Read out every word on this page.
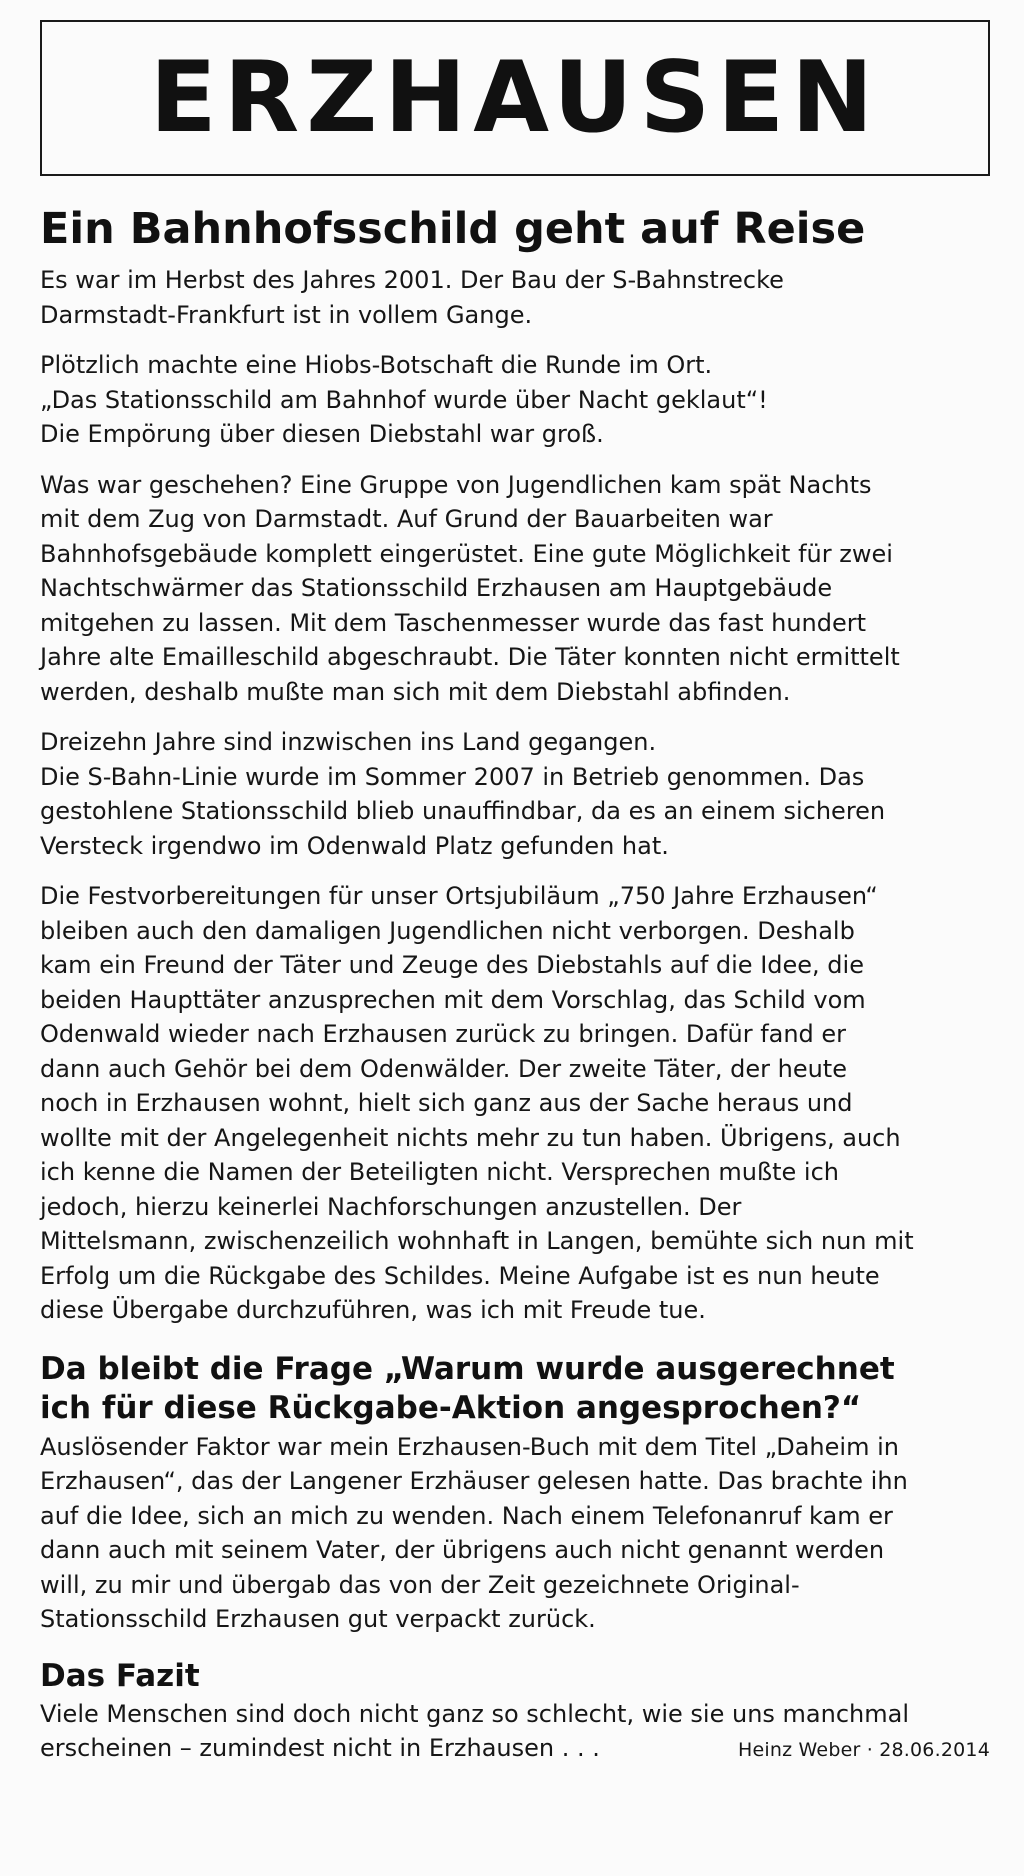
ERZHAUSEN
Ein Bahnhofsschild geht auf Reise

Es war im Herbst des Jahres 2001. Der Bau der S-Bahnstrecke
Darmstadt-Frankfurt ist in vollem Gange.

Plötzlich machte eine Hiobs-Botschaft die Runde im Ort.
„Das Stationsschild am Bahnhof wurde über Nacht geklaut“!
Die Empörung über diesen Diebstahl war groß.

Was war geschehen? Eine Gruppe von Jugendlichen kam spät Nachts
mit dem Zug von Darmstadt. Auf Grund der Bauarbeiten war
Bahnhofsgebäude komplett eingerüstet. Eine gute Möglichkeit für zwei
Nachtschwärmer das Stationsschild Erzhausen am Hauptgebäude
mitgehen zu lassen. Mit dem Taschenmesser wurde das fast hundert
Jahre alte Emailleschild abgeschraubt. Die Täter konnten nicht ermittelt
werden, deshalb mußte man sich mit dem Diebstahl abfinden.

Dreizehn Jahre sind inzwischen ins Land gegangen.
Die S-Bahn-Linie wurde im Sommer 2007 in Betrieb genommen. Das
gestohlene Stationsschild blieb unauffindbar, da es an einem sicheren
Versteck irgendwo im Odenwald Platz gefunden hat.

Die Festvorbereitungen für unser Ortsjubiläum „750 Jahre Erzhausen“
bleiben auch den damaligen Jugendlichen nicht verborgen. Deshalb
kam ein Freund der Täter und Zeuge des Diebstahls auf die Idee, die
beiden Haupttäter anzusprechen mit dem Vorschlag, das Schild vom
Odenwald wieder nach Erzhausen zurück zu bringen. Dafür fand er
dann auch Gehör bei dem Odenwälder. Der zweite Täter, der heute
noch in Erzhausen wohnt, hielt sich ganz aus der Sache heraus und
wollte mit der Angelegenheit nichts mehr zu tun haben. Übrigens, auch
ich kenne die Namen der Beteiligten nicht. Versprechen mußte ich
jedoch, hierzu keinerlei Nachforschungen anzustellen. Der
Mittelsmann, zwischenzeilich wohnhaft in Langen, bemühte sich nun mit
Erfolg um die Rückgabe des Schildes. Meine Aufgabe ist es nun heute
diese Übergabe durchzuführen, was ich mit Freude tue.

Da bleibt die Frage „Warum wurde ausgerechnet
ich für diese Rückgabe-Aktion angesprochen?“

Auslösender Faktor war mein Erzhausen-Buch mit dem Titel „Daheim in
Erzhausen“, das der Langener Erzhäuser gelesen hatte. Das brachte ihn
auf die Idee, sich an mich zu wenden. Nach einem Telefonanruf kam er
dann auch mit seinem Vater, der übrigens auch nicht genannt werden
will, zu mir und übergab das von der Zeit gezeichnete Original-
Stationsschild Erzhausen gut verpackt zurück.

Das Fazit

Viele Menschen sind doch nicht ganz so schlecht, wie sie uns manchmal
erscheinen – zumindest nicht in Erzhausen . . .	Heinz Weber · 28.06.2014
